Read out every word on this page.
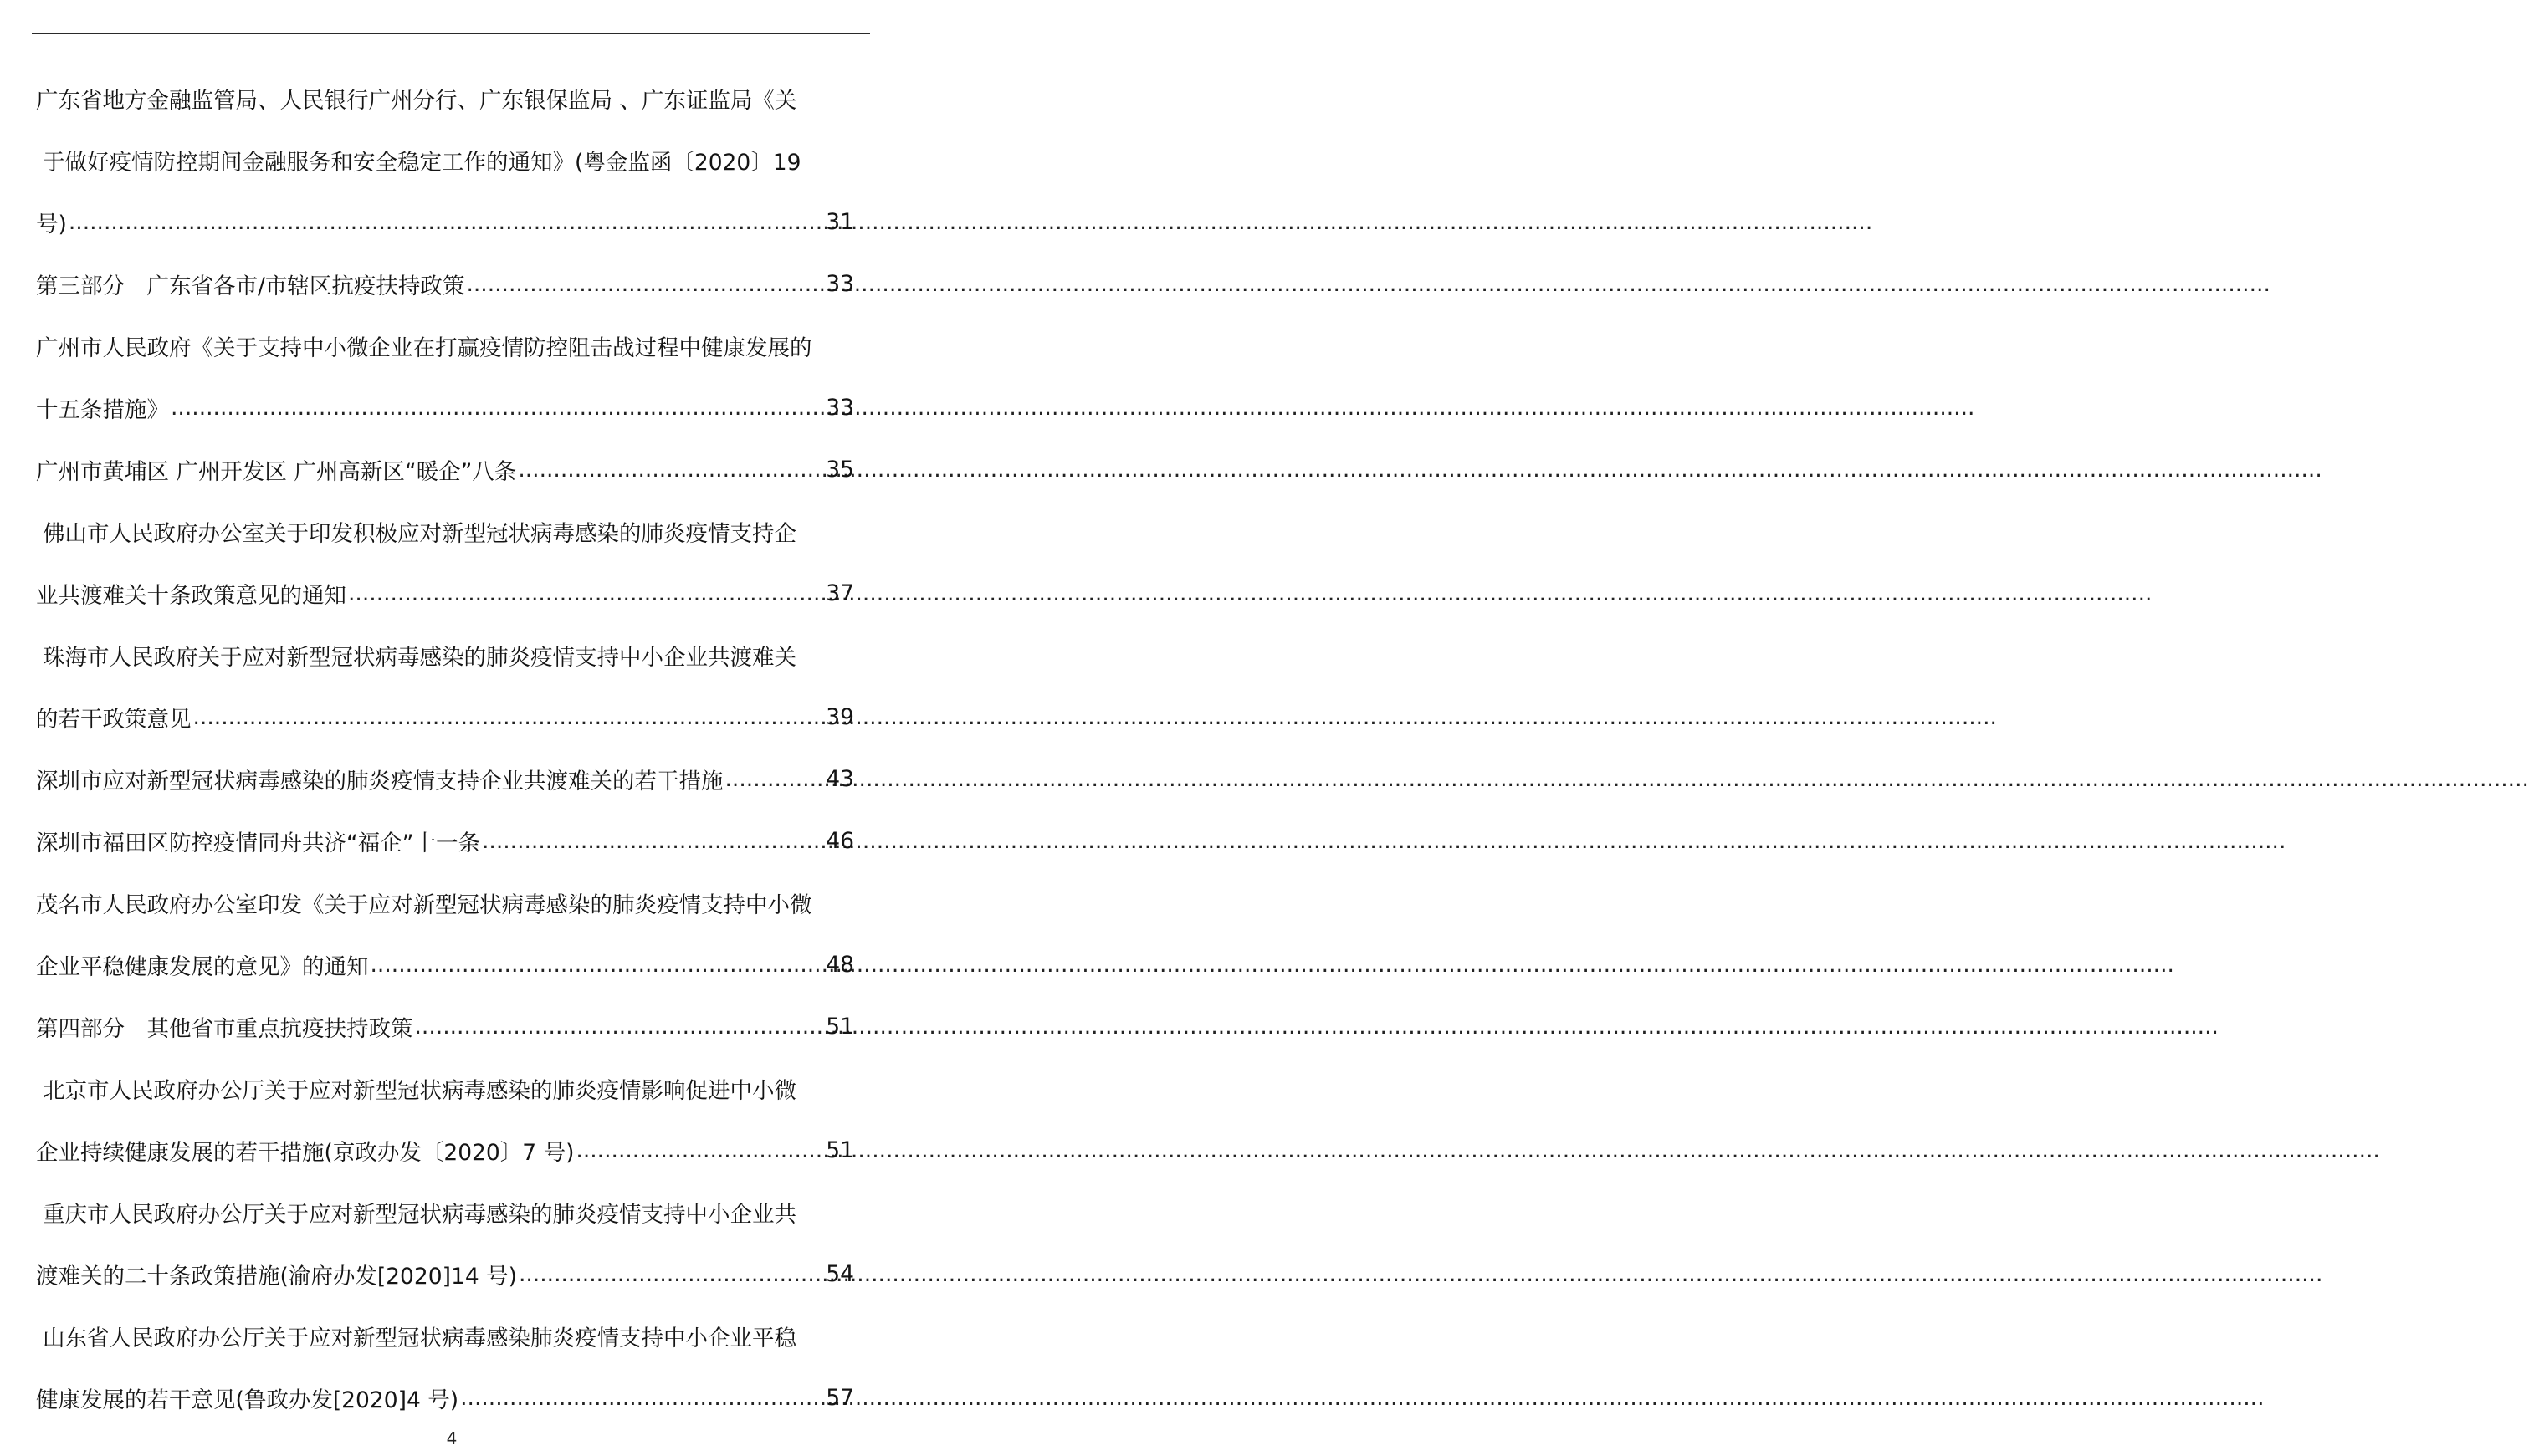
广东省地方金融监管局、人民银行广州分行、广东银保监局 、广东证监局《关
于做好疫情防控期间金融服务和安全稳定工作的通知》(粤金监函〔2020〕19
号) .....	31
第三部分　广东省各市/市辖区抗疫扶持政策 .....	33
广州市人民政府《关于支持中小微企业在打赢疫情防控阻击战过程中健康发展的
十五条措施》 .....	33
广州市黄埔区 广州开发区 广州高新区“暖企”八条 .....	35
佛山市人民政府办公室关于印发积极应对新型冠状病毒感染的肺炎疫情支持企
业共渡难关十条政策意见的通知 .....	37
珠海市人民政府关于应对新型冠状病毒感染的肺炎疫情支持中小企业共渡难关
的若干政策意见 .....	39
深圳市应对新型冠状病毒感染的肺炎疫情支持企业共渡难关的若干措施 .....	43
深圳市福田区防控疫情同舟共济“福企”十一条 .....	46
茂名市人民政府办公室印发《关于应对新型冠状病毒感染的肺炎疫情支持中小微
企业平稳健康发展的意见》的通知 .....	48
第四部分　其他省市重点抗疫扶持政策 .....	51
北京市人民政府办公厅关于应对新型冠状病毒感染的肺炎疫情影响促进中小微
企业持续健康发展的若干措施(京政办发〔2020〕7 号) .....	51
重庆市人民政府办公厅关于应对新型冠状病毒感染的肺炎疫情支持中小企业共
渡难关的二十条政策措施(渝府办发[2020]14 号) .....	54
山东省人民政府办公厅关于应对新型冠状病毒感染肺炎疫情支持中小企业平稳
健康发展的若干意见(鲁政办发[2020]4 号) .....	57
4
